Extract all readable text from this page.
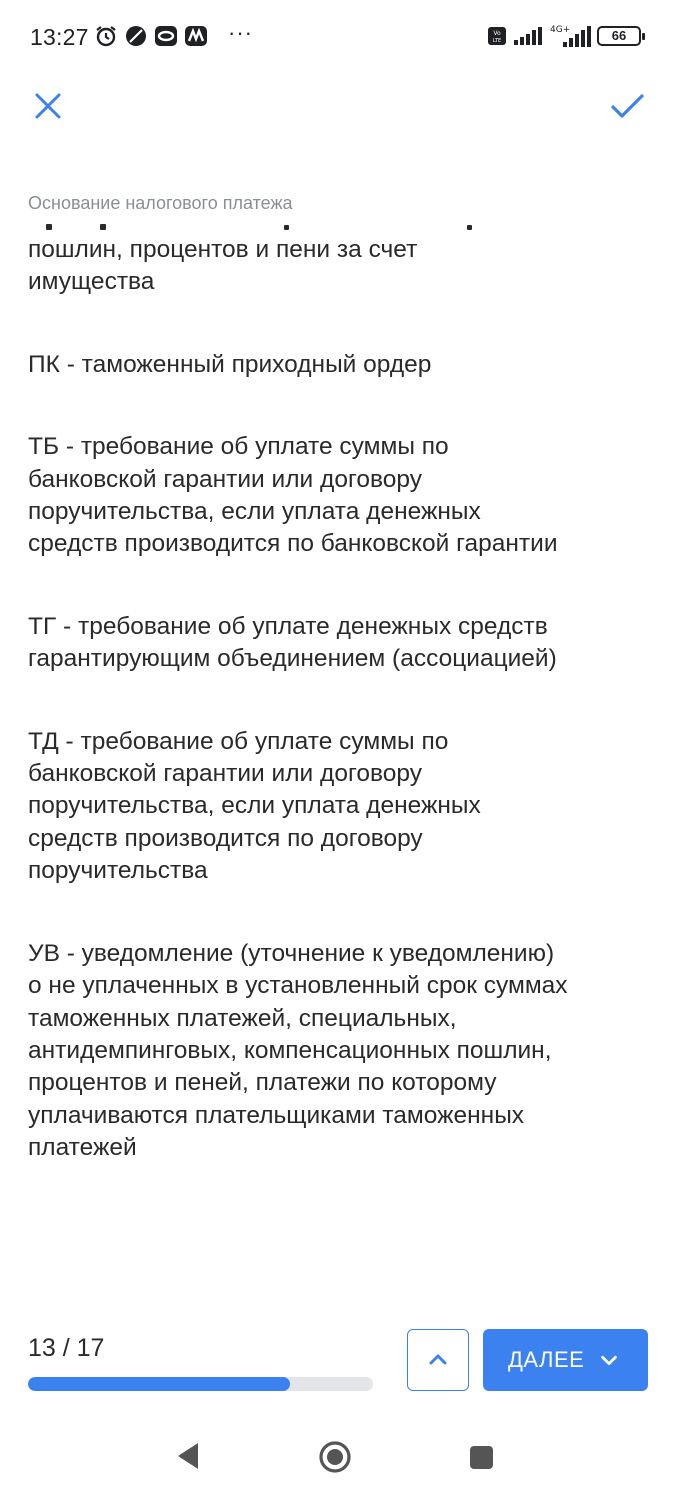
13:27	···	Vo
LTE
4G+	66
Основание налогового платежа
пошлин, процентов и пени за счет имущества
ПК - таможенный приходный ордер
ТБ - требование об уплате суммы по банковской гарантии или договору поручительства, если уплата денежных средств производится по банковской гарантии
ТГ - требование об уплате денежных средств гарантирующим объединением (ассоциацией)
ТД - требование об уплате суммы по банковской гарантии или договору поручительства, если уплата денежных средств производится по договору поручительства
УВ - уведомление (уточнение к уведомлению) о не уплаченных в установленный срок суммах таможенных платежей, специальных, антидемпинговых, компенсационных пошлин, процентов и пеней, платежи по которому уплачиваются плательщиками таможенных платежей
13 / 17	ДАЛЕЕ
